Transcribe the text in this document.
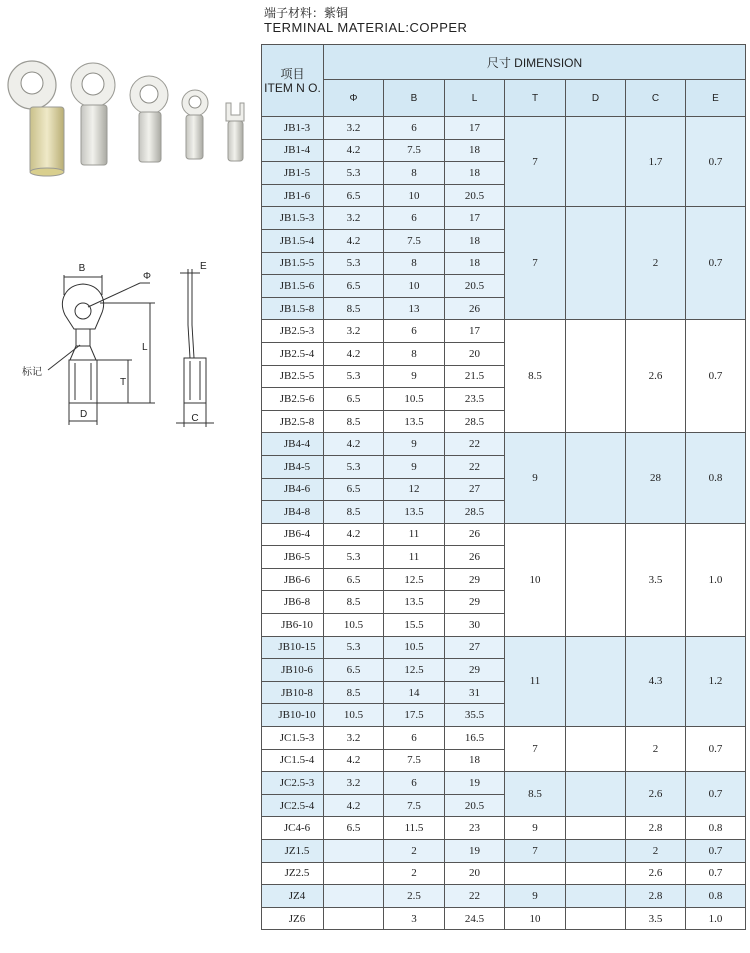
端子材料：紫铜
TERMINAL MATERIAL:COPPER
B
Φ
E
L
T
D	C
标记
项目
ITEM N O.	尺寸 DIMENSION						
	Φ	B	L	T	D	C	E
JB1-3	3.2	6	17	7		1.7	0.7
JB1-4	4.2	7.5	18				
JB1-5	5.3	8	18				
JB1-6	6.5	10	20.5				
JB1.5-3	3.2	6	17	7		2	0.7
JB1.5-4	4.2	7.5	18				
JB1.5-5	5.3	8	18				
JB1.5-6	6.5	10	20.5				
JB1.5-8	8.5	13	26				
JB2.5-3	3.2	6	17	8.5		2.6	0.7
JB2.5-4	4.2	8	20				
JB2.5-5	5.3	9	21.5				
JB2.5-6	6.5	10.5	23.5				
JB2.5-8	8.5	13.5	28.5				
JB4-4	4.2	9	22	9		28	0.8
JB4-5	5.3	9	22				
JB4-6	6.5	12	27				
JB4-8	8.5	13.5	28.5				
JB6-4	4.2	11	26	10		3.5	1.0
JB6-5	5.3	11	26				
JB6-6	6.5	12.5	29				
JB6-8	8.5	13.5	29				
JB6-10	10.5	15.5	30				
JB10-15	5.3	10.5	27	11		4.3	1.2
JB10-6	6.5	12.5	29				
JB10-8	8.5	14	31				
JB10-10	10.5	17.5	35.5				
JC1.5-3	3.2	6	16.5	7		2	0.7
JC1.5-4	4.2	7.5	18				
JC2.5-3	3.2	6	19	8.5		2.6	0.7
JC2.5-4	4.2	7.5	20.5				
JC4-6	6.5	11.5	23	9		2.8	0.8
JZ1.5		2	19	7		2	0.7
JZ2.5		2	20			2.6	0.7
JZ4		2.5	22	9		2.8	0.8
JZ6		3	24.5	10		3.5	1.0
